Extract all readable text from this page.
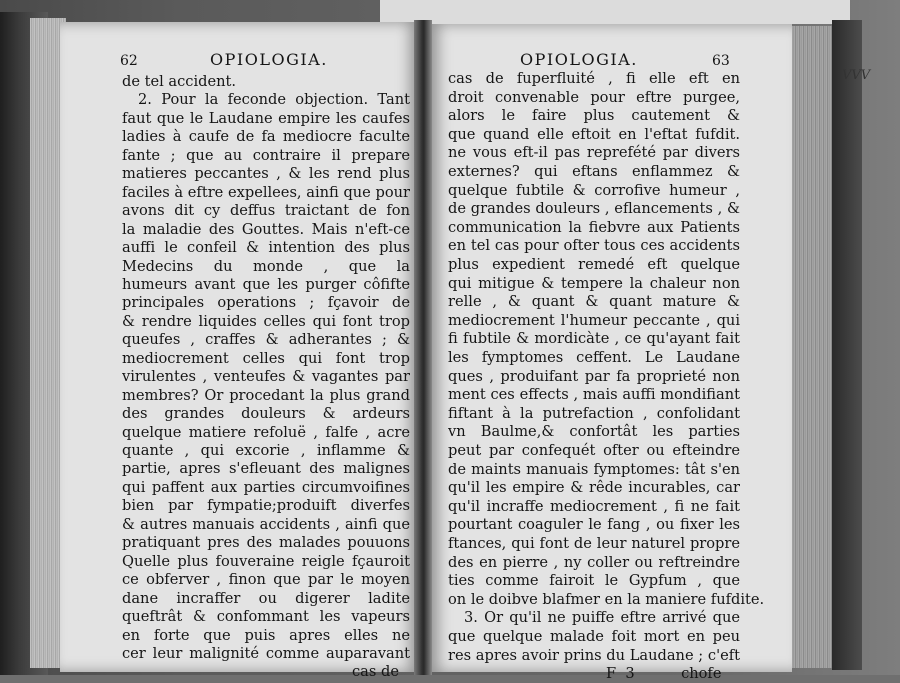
62	OPIOLOGIA.
de tel accident.
2. Pour la feconde objection. Tant
faut que le Laudane empire les caufes
ladies à caufe de fa mediocre faculte
fante ; que au contraire il prepare
matieres peccantes , & les rend plus
faciles à eftre expellees, ainfi que pour
avons dit cy deffus traictant de fon
la maladie des Gouttes. Mais n'eft-ce
auffi le confeil & intention des plus
Medecins du monde , que la
humeurs avant que les purger côfifte
principales operations ; fçavoir de
& rendre liquides celles qui font trop
queufes , craffes & adherantes ; &
mediocrement celles qui font trop
virulentes , venteufes & vagantes par
membres? Or procedant la plus grand
des grandes douleurs & ardeurs
quelque matiere refoluë , falfe , acre
quante , qui excorie , inflamme &
partie, apres s'efleuant des malignes
qui paffent aux parties circumvoifines
bien par fympatie;produift diverfes
& autres manuais accidents , ainfi que
pratiquant pres des malades pouuons
Quelle plus fouveraine reigle fçauroit
ce obferver , finon que par le moyen
dane incraffer ou digerer ladite
queftrât & confommant les vapeurs
en forte que puis apres elles ne
cer leur malignité comme auparavant
cas de
OPIOLOGIA.	63
cas de fuperfluité , fi elle eft en
droit convenable pour eftre purgee,
alors le faire plus cautement &
que quand elle eftoit en l'eftat fufdit.
ne vous eft-il pas reprefété par divers
externes? qui eftans enflammez &
quelque fubtile & corrofive humeur ,
de grandes douleurs , eflancements , &
communication la fiebvre aux Patients
en tel cas pour ofter tous ces accidents
plus expedient remedé eft quelque
qui mitigue & tempere la chaleur non
relle , & quant & quant mature &
mediocrement l'humeur peccante , qui
fi fubtile & mordicàte , ce qu'ayant fait
les fymptomes ceffent. Le Laudane
ques , produifant par fa proprieté non
ment ces effects , mais auffi mondifiant
fiftant à la putrefaction , confolidant
vn Baulme,& confortât les parties
peut par confequét ofter ou efteindre
de maints manuais fymptomes: tât s'en
qu'il les empire & rêde incurables, car
qu'il incraffe mediocrement , fi ne fait
pourtant coaguler le fang , ou fixer les
ftances, qui font de leur naturel propre
des en pierre , ny coller ou reftreindre
ties comme fairoit le Gypfum , que
on le doibve blafmer en la maniere fufdite.
3. Or qu'il ne puiffe eftre arrivé que
que quelque malade foit mort en peu
res apres avoir prins du Laudane ; c'eft
F  3          chofe
VVV
